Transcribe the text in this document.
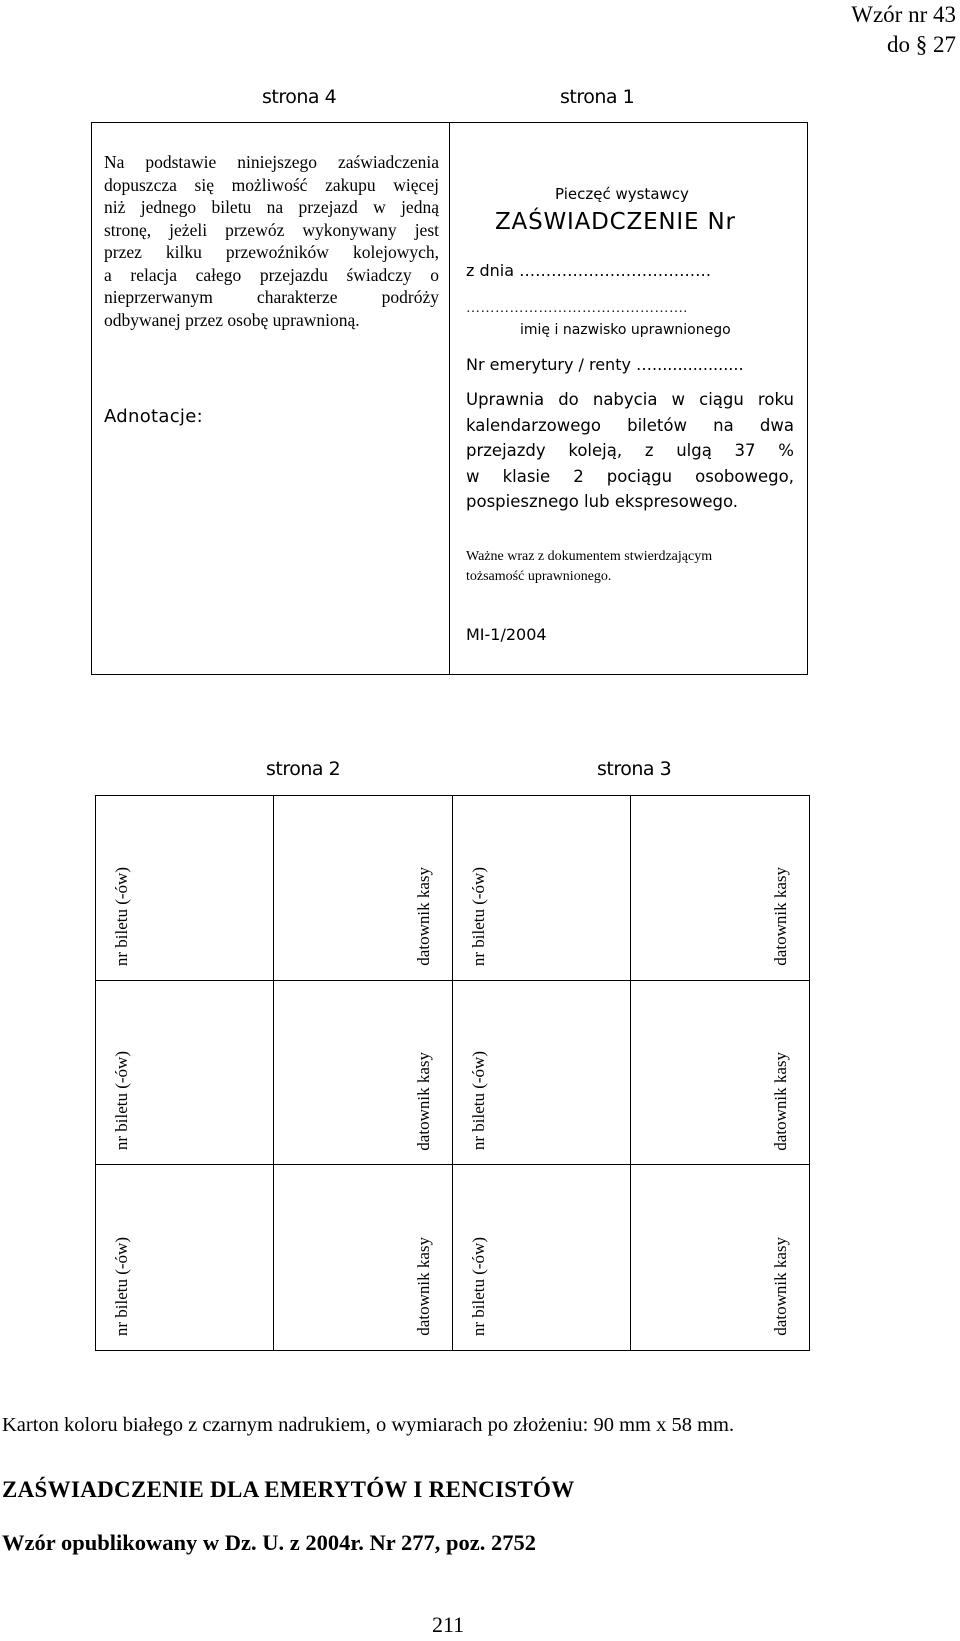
Wzór nr 43
do § 27
strona 4	strona 1
Na podstawie niniejszego zaświadczenia
dopuszcza się możliwość zakupu więcej
niż jednego biletu na przejazd w jedną
stronę, jeżeli przewóz wykonywany jest
przez kilku przewoźników kolejowych,
a relacja całego przejazdu świadczy o
nieprzerwanym	charakterze	podróży
odbywanej przez osobę uprawnioną.
Adnotacje:
Pieczęć wystawcy
ZAŚWIADCZENIE Nr
z dnia ………………………………
……………………………………….
imię i nazwisko uprawnionego
Nr emerytury / renty …..................
Uprawnia do nabycia w ciągu roku
kalendarzowego biletów na dwa
przejazdy koleją, z ulgą 37 %
w klasie 2 pociągu osobowego,
pospiesznego lub ekspresowego.
Ważne wraz z dokumentem stwierdzającym
tożsamość uprawnionego.
MI-1/2004
strona 2	strona 3
nr biletu (-ów)	datownik kasy nr biletu (-ów)	datownik kasy
nr biletu (-ów)	datownik kasy nr biletu (-ów)	datownik kasy
nr biletu (-ów)	datownik kasy nr biletu (-ów)	datownik kasy
Karton koloru białego z czarnym nadrukiem, o wymiarach po złożeniu: 90 mm x 58 mm.
ZAŚWIADCZENIE DLA EMERYTÓW I RENCISTÓW
Wzór opublikowany w Dz. U. z 2004r. Nr 277, poz. 2752
211
